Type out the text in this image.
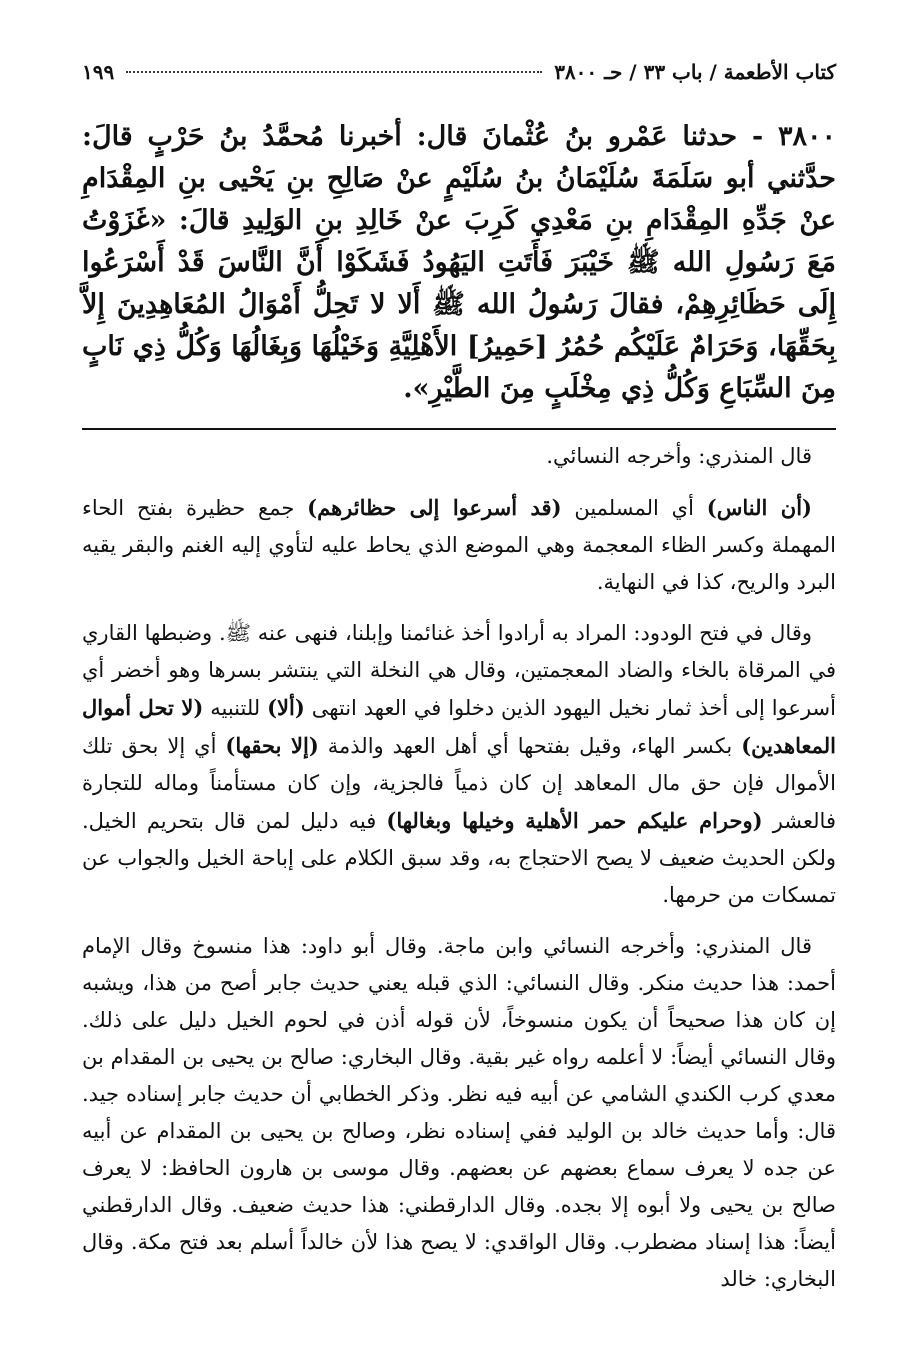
كتاب الأطعمة / باب ٣٣ / حـ ٣٨٠٠
١٩٩
٣٨٠٠ - حدثنا عَمْرو بنُ عُثْمانَ قال: أخبرنا مُحمَّدُ بنُ حَرْبٍ قالَ: حدَّثني أبو سَلَمَةَ سُلَيْمَانُ بنُ سُلَيْمٍ عنْ صَالِحِ بنِ يَحْيى بنِ المِقْدَامِ عنْ جَدِّهِ المِقْدَامِ بنِ مَعْدِي كَرِبَ عنْ خَالِدِ بنِ الوَلِيدِ قالَ: «غَزَوْتُ مَعَ رَسُولِ الله ﷺ خَيْبَرَ فَأَتَتِ اليَهُودُ فَشَكَوْا أَنَّ النَّاسَ قَدْ أَسْرَعُوا إِلَى حَظَائِرِهِمْ، فقالَ رَسُولُ الله ﷺ أَلا لا تَحِلُّ أَمْوَالُ المُعَاهِدِينَ إِلاَّ بِحَقِّهَا، وَحَرَامٌ عَلَيْكُم حُمُرُ [حَمِيرُ] الأَهْلِيَّةِ وَخَيْلُهَا وَبِغَالُهَا وَكُلُّ ذِي نَابٍ مِنَ السِّبَاعِ وَكُلُّ ذِي مِخْلَبٍ مِنَ الطَّيْرِ».

قال المنذري: وأخرجه النسائي.

(أن الناس) أي المسلمين (قد أسرعوا إلى حظائرهم) جمع حظيرة بفتح الحاء المهملة وكسر الظاء المعجمة وهي الموضع الذي يحاط عليه لتأوي إليه الغنم والبقر يقيه البرد والريح، كذا في النهاية.

وقال في فتح الودود: المراد به أرادوا أخذ غنائمنا وإبلنا، فنهى عنه ﷺ. وضبطها القاري في المرقاة بالخاء والضاد المعجمتين، وقال هي النخلة التي ينتشر بسرها وهو أخضر أي أسرعوا إلى أخذ ثمار نخيل اليهود الذين دخلوا في العهد انتهى (ألا) للتنبيه (لا تحل أموال المعاهدين) بكسر الهاء، وقيل بفتحها أي أهل العهد والذمة (إلا بحقها) أي إلا بحق تلك الأموال فإن حق مال المعاهد إن كان ذمياً فالجزية، وإن كان مستأمناً وماله للتجارة فالعشر (وحرام عليكم حمر الأهلية وخيلها وبغالها) فيه دليل لمن قال بتحريم الخيل. ولكن الحديث ضعيف لا يصح الاحتجاج به، وقد سبق الكلام على إباحة الخيل والجواب عن تمسكات من حرمها.

قال المنذري: وأخرجه النسائي وابن ماجة. وقال أبو داود: هذا منسوخ وقال الإمام أحمد: هذا حديث منكر. وقال النسائي: الذي قبله يعني حديث جابر أصح من هذا، ويشبه إن كان هذا صحيحاً أن يكون منسوخاً، لأن قوله أذن في لحوم الخيل دليل على ذلك. وقال النسائي أيضاً: لا أعلمه رواه غير بقية. وقال البخاري: صالح بن يحيى بن المقدام بن معدي كرب الكندي الشامي عن أبيه فيه نظر. وذكر الخطابي أن حديث جابر إسناده جيد. قال: وأما حديث خالد بن الوليد ففي إسناده نظر، وصالح بن يحيى بن المقدام عن أبيه عن جده لا يعرف سماع بعضهم عن بعضهم. وقال موسى بن هارون الحافظ: لا يعرف صالح بن يحيى ولا أبوه إلا بجده. وقال الدارقطني: هذا حديث ضعيف. وقال الدارقطني أيضاً: هذا إسناد مضطرب. وقال الواقدي: لا يصح هذا لأن خالداً أسلم بعد فتح مكة. وقال البخاري: خالد
